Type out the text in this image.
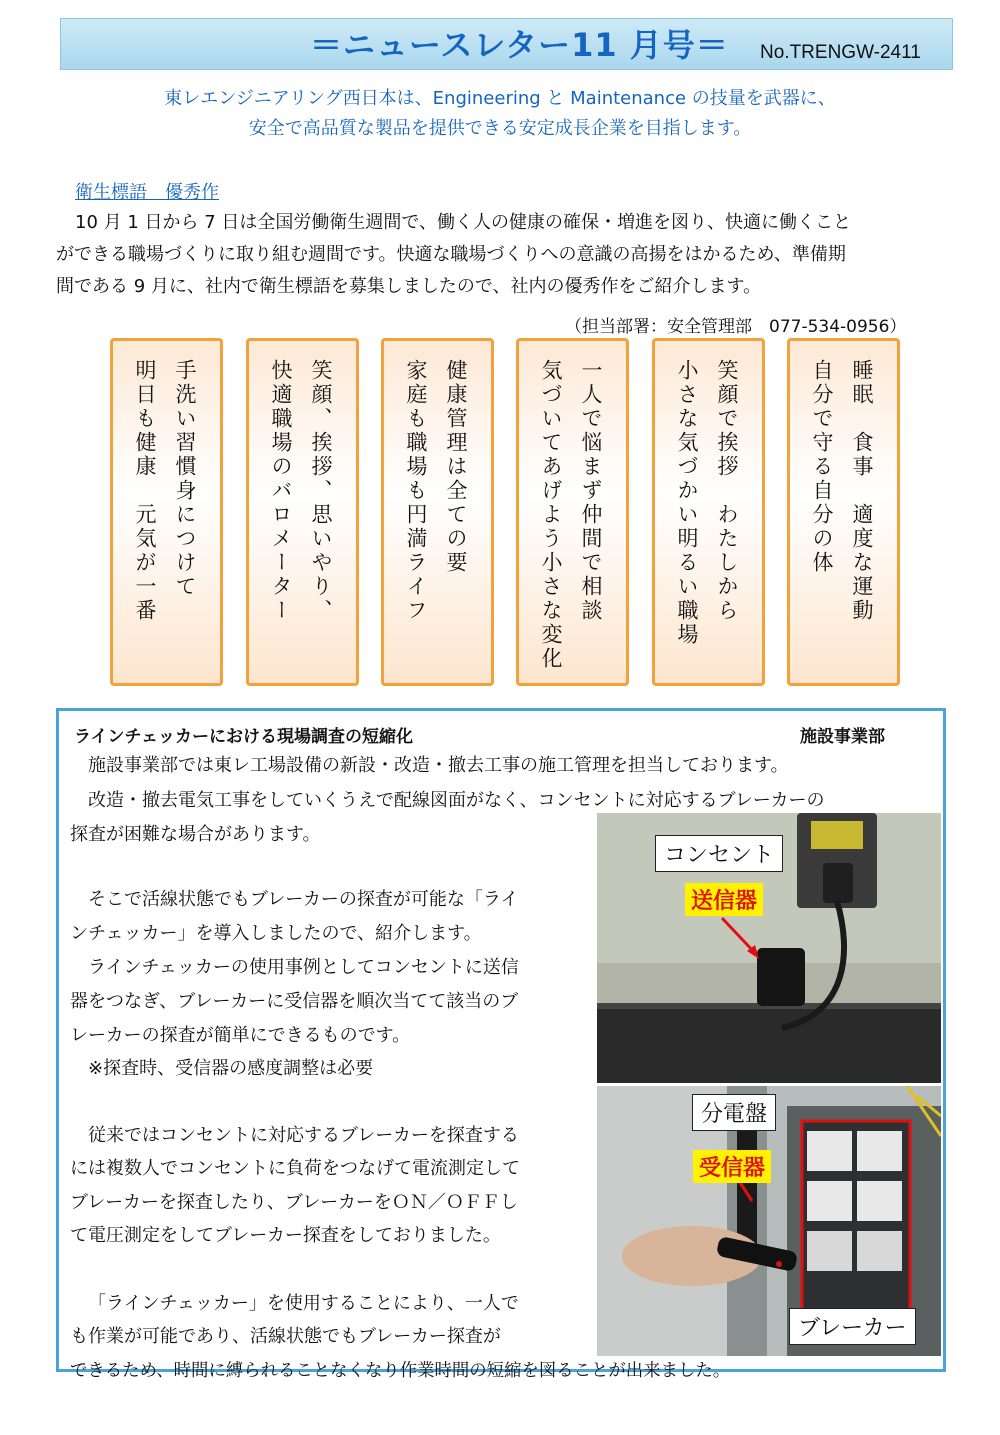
＝ニュースレター11 月号＝ No.TRENGW-2411
東レエンジニアリング西日本は、Engineering と Maintenance の技量を武器に、
安全で高品質な製品を提供できる安定成長企業を目指します。
衛生標語　優秀作
10 月 1 日から 7 日は全国労働衛生週間で、働く人の健康の確保・増進を図り、快適に働くこと
ができる職場づくりに取り組む週間です。快適な職場づくりへの意識の高揚をはかるため、準備期
間である 9 月に、社内で衛生標語を募集しましたので、社内の優秀作をご紹介します。
（担当部署：安全管理部　077-534-0956）
手洗い習慣身につけて
明日も健康　元気が一番	笑顔、挨拶、思いやり、
快適職場のバロメーター	健康管理は全ての要
家庭も職場も円満ライフ	一人で悩まず仲間で相談
気づいてあげよう小さな変化	笑顔で挨拶　わたしから
小さな気づかい明るい職場	睡眠　食事　適度な運動
自分で守る自分の体
ラインチェッカーにおける現場調査の短縮化	施設事業部
施設事業部では東レ工場設備の新設・改造・撤去工事の施工管理を担当しております。
改造・撤去電気工事をしていくうえで配線図面がなく、コンセントに対応するブレーカーの
探査が困難な場合があります。
そこで活線状態でもブレーカーの探査が可能な「ライ
ンチェッカー」を導入しましたので、紹介します。
ラインチェッカーの使用事例としてコンセントに送信
器をつなぎ、ブレーカーに受信器を順次当てて該当のブ
レーカーの探査が簡単にできるものです。
※探査時、受信器の感度調整は必要
従来ではコンセントに対応するブレーカーを探査する
には複数人でコンセントに負荷をつなげて電流測定して
ブレーカーを探査したり、ブレーカーをＯＮ／ＯＦＦし
て電圧測定をしてブレーカー探査をしておりました。
「ラインチェッカー」を使用することにより、一人で
も作業が可能であり、活線状態でもブレーカー探査が
できるため、時間に縛られることなくなり作業時間の短縮を図ることが出来ました。
コンセント
送信器
分電盤
受信器
ブレーカー
